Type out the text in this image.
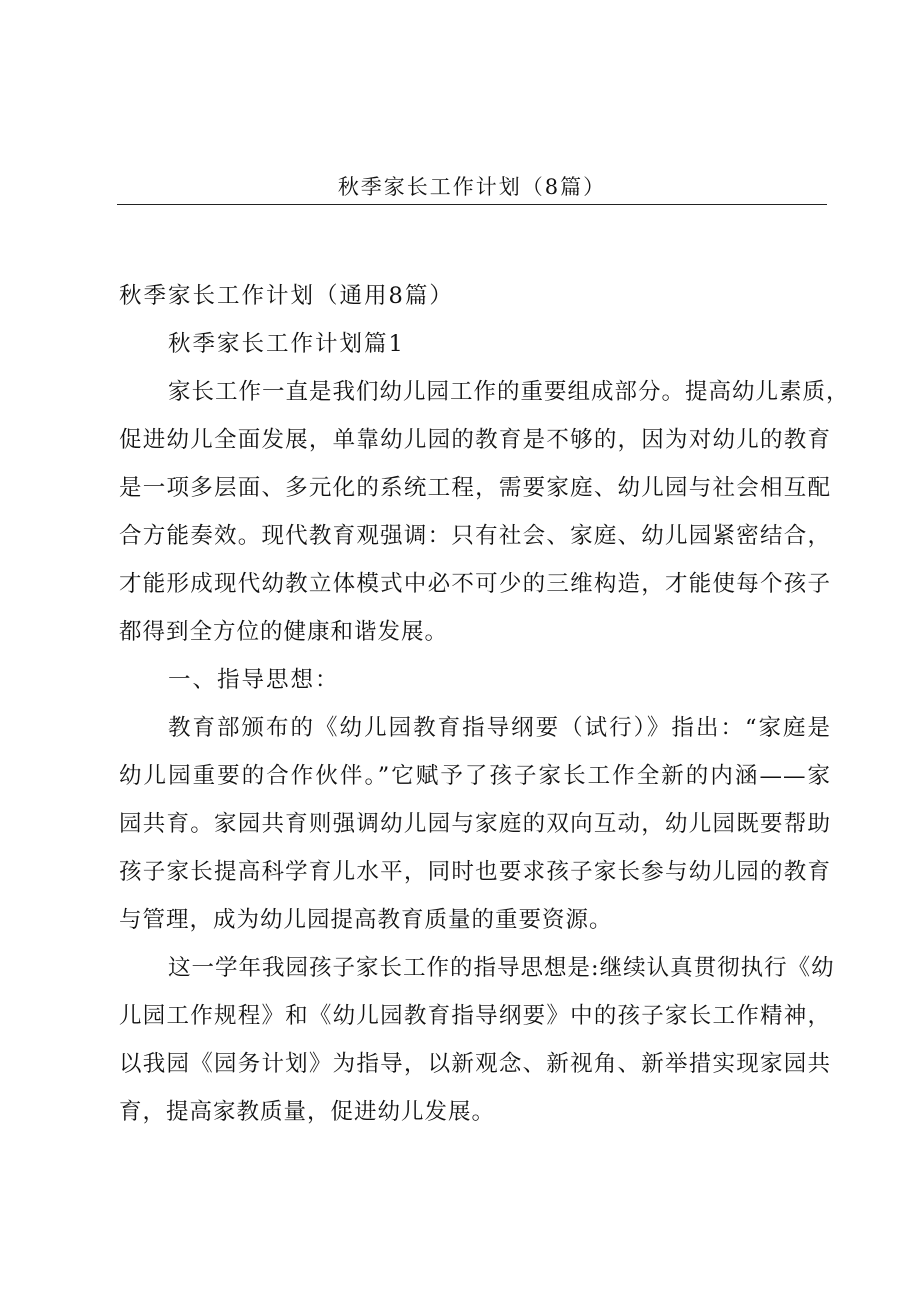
秋季家长工作计划（8篇）

秋季家长工作计划（通用8篇）

秋季家长工作计划篇1

家长工作一直是我们幼儿园工作的重要组成部分。提高幼儿素质，

促进幼儿全面发展，单靠幼儿园的教育是不够的，因为对幼儿的教育

是一项多层面、多元化的系统工程，需要家庭、幼儿园与社会相互配

合方能奏效。现代教育观强调：只有社会、家庭、幼儿园紧密结合，

才能形成现代幼教立体模式中必不可少的三维构造，才能使每个孩子

都得到全方位的健康和谐发展。

一、指导思想：

教育部颁布的《幼儿园教育指导纲要（试行）》指出：“家庭是

幼儿园重要的合作伙伴。”它赋予了孩子家长工作全新的内涵——家

园共育。家园共育则强调幼儿园与家庭的双向互动，幼儿园既要帮助

孩子家长提高科学育儿水平，同时也要求孩子家长参与幼儿园的教育

与管理，成为幼儿园提高教育质量的重要资源。

这一学年我园孩子家长工作的指导思想是:继续认真贯彻执行《幼

儿园工作规程》和《幼儿园教育指导纲要》中的孩子家长工作精神，

以我园《园务计划》为指导，以新观念、新视角、新举措实现家园共

育，提高家教质量，促进幼儿发展。
